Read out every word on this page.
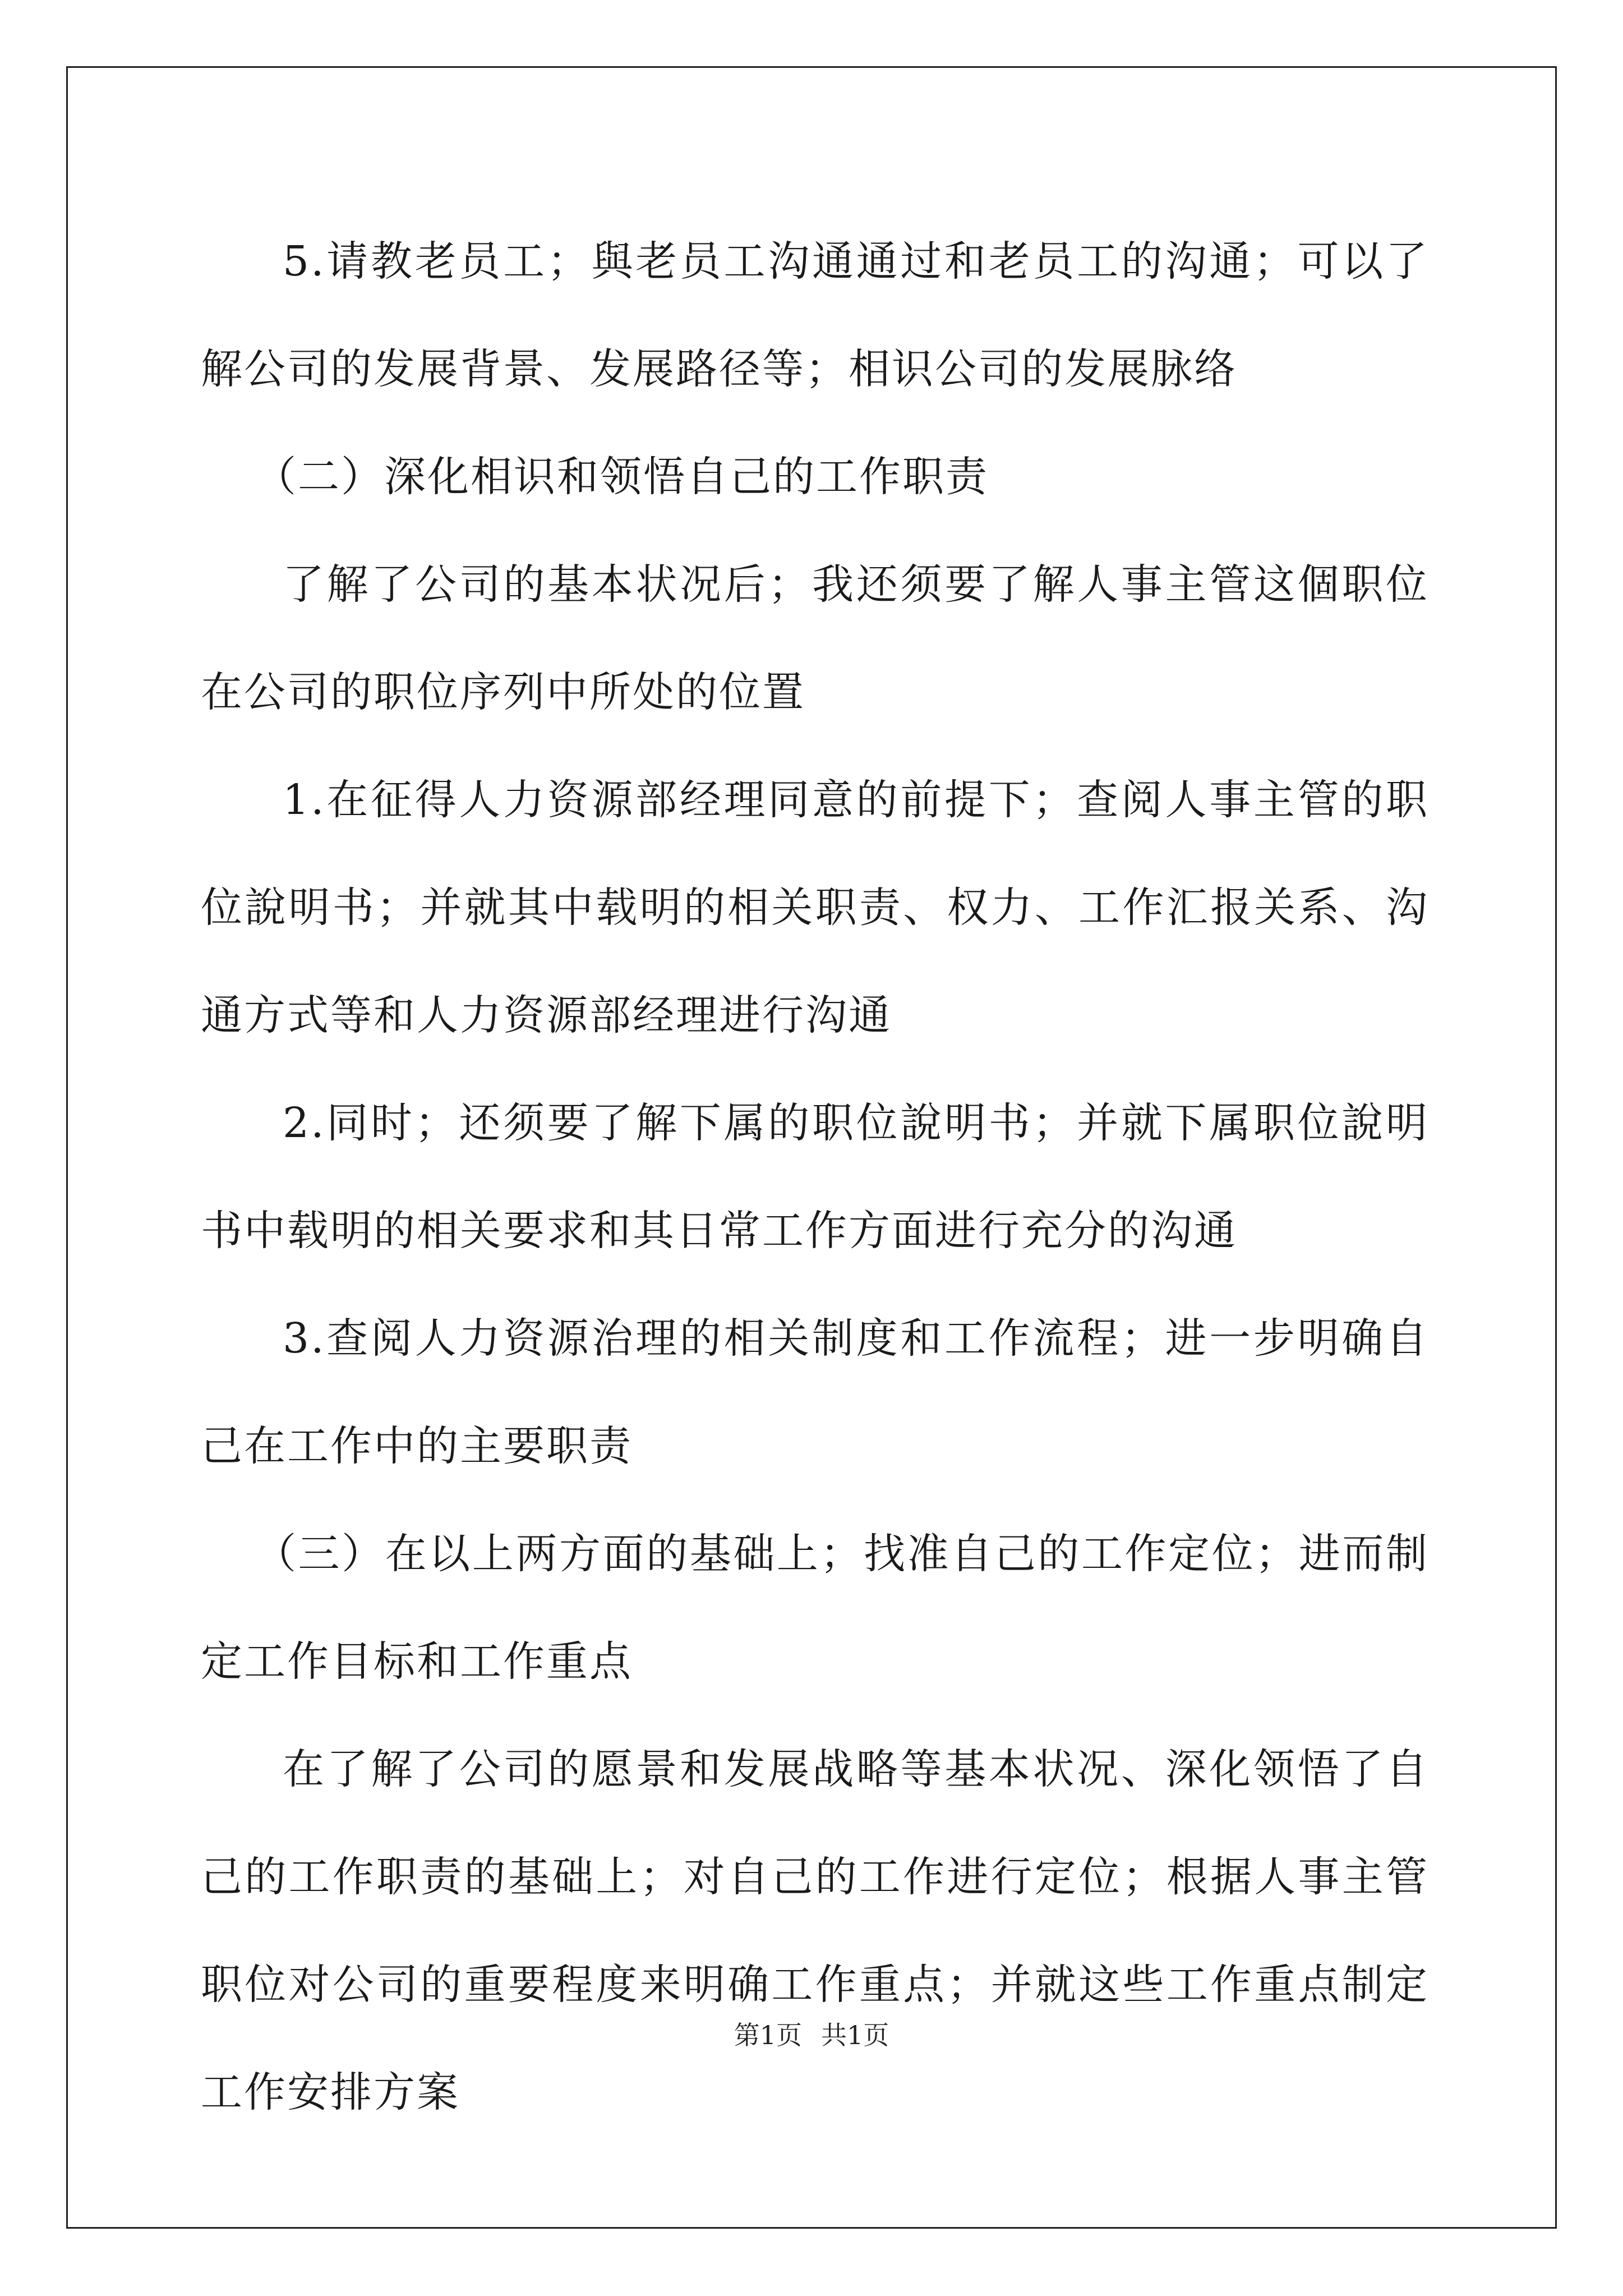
5.请教老员工；與老员工沟通通过和老员工的沟通；可以了解公司的发展背景、发展路径等；相识公司的发展脉络

（二）深化相识和领悟自己的工作职责

了解了公司的基本状况后；我还须要了解人事主管这個职位在公司的职位序列中所处的位置

1.在征得人力资源部经理同意的前提下；查阅人事主管的职位說明书；并就其中载明的相关职责、权力、工作汇报关系、沟通方式等和人力资源部经理进行沟通

2.同时；还须要了解下属的职位說明书；并就下属职位說明书中载明的相关要求和其日常工作方面进行充分的沟通

3.查阅人力资源治理的相关制度和工作流程；进一步明确自己在工作中的主要职责

（三）在以上两方面的基础上；找准自己的工作定位；进而制定工作目标和工作重点

在了解了公司的愿景和发展战略等基本状况、深化领悟了自己的工作职责的基础上；对自己的工作进行定位；根据人事主管职位对公司的重要程度来明确工作重点；并就这些工作重点制定工作安排方案

第1页 共1页
